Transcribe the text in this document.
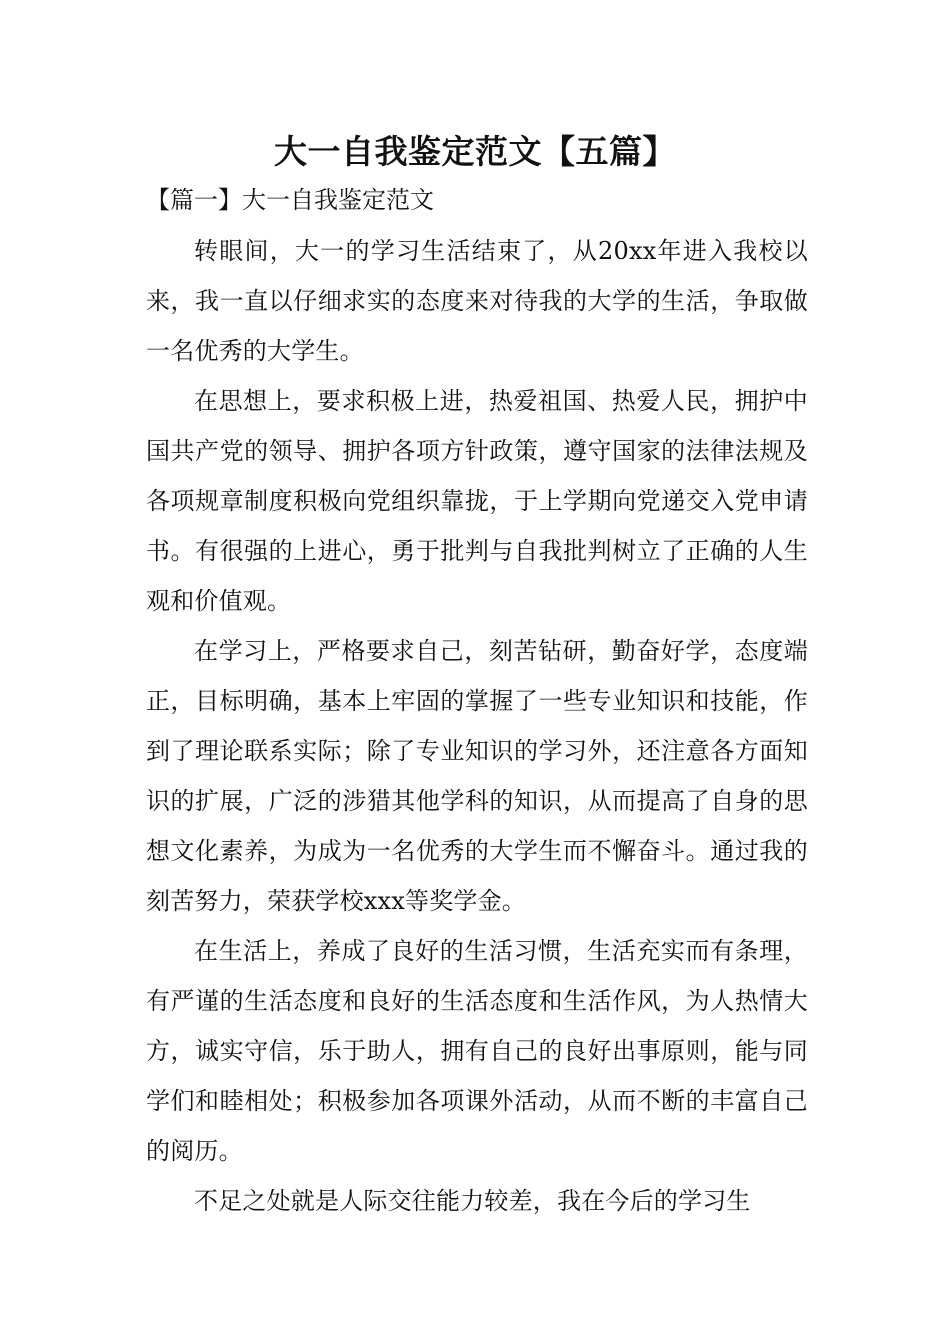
大一自我鉴定范文【五篇】
【篇一】大一自我鉴定范文

转眼间，大一的学习生活结束了，从20xx年进入我校以来，我一直以仔细求实的态度来对待我的大学的生活，争取做一名优秀的大学生。

在思想上，要求积极上进，热爱祖国、热爱人民，拥护中国共产党的领导、拥护各项方针政策，遵守国家的法律法规及各项规章制度积极向党组织靠拢，于上学期向党递交入党申请书。有很强的上进心，勇于批判与自我批判树立了正确的人生观和价值观。

在学习上，严格要求自己，刻苦钻研，勤奋好学，态度端正，目标明确，基本上牢固的掌握了一些专业知识和技能，作到了理论联系实际；除了专业知识的学习外，还注意各方面知识的扩展，广泛的涉猎其他学科的知识，从而提高了自身的思想文化素养，为成为一名优秀的大学生而不懈奋斗。通过我的刻苦努力，荣获学校xxx等奖学金。

在生活上，养成了良好的生活习惯，生活充实而有条理，有严谨的生活态度和良好的生活态度和生活作风，为人热情大方，诚实守信，乐于助人，拥有自己的良好出事原则，能与同学们和睦相处；积极参加各项课外活动，从而不断的丰富自己的阅历。

不足之处就是人际交往能力较差，我在今后的学习生
